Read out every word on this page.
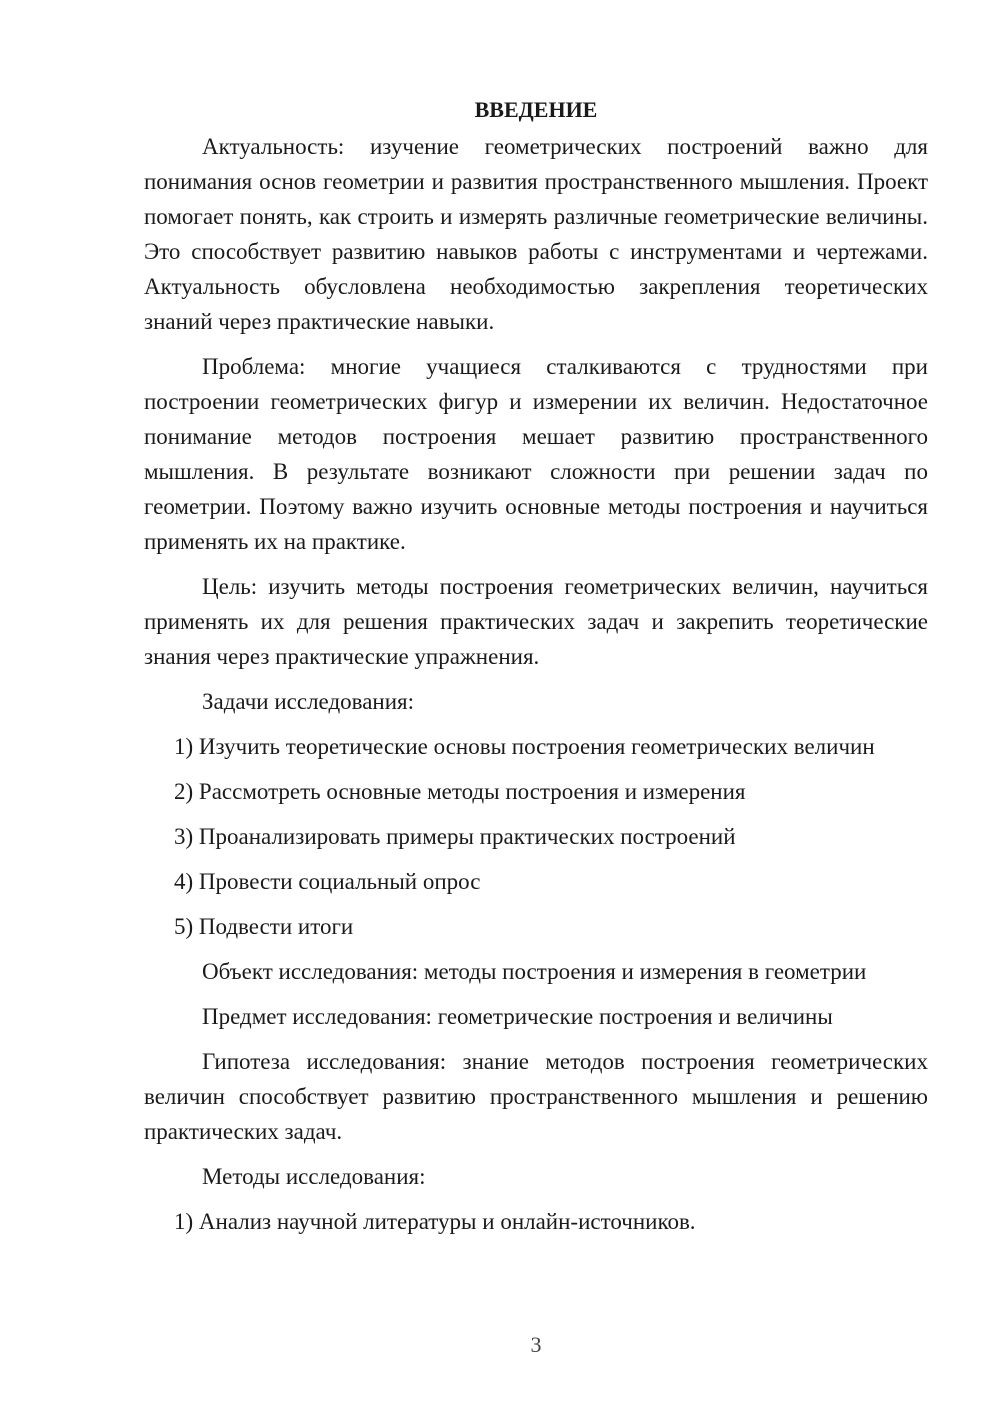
ВВЕДЕНИЕ

Актуальность: изучение геометрических построений важно для понимания основ геометрии и развития пространственного мышления. Проект помогает понять, как строить и измерять различные геометрические величины. Это способствует развитию навыков работы с инструментами и чертежами. Актуальность обусловлена необходимостью закрепления теоретических знаний через практические навыки.

Проблема: многие учащиеся сталкиваются с трудностями при построении геометрических фигур и измерении их величин. Недостаточное понимание методов построения мешает развитию пространственного мышления. В результате возникают сложности при решении задач по геометрии. Поэтому важно изучить основные методы построения и научиться применять их на практике.

Цель: изучить методы построения геометрических величин, научиться применять их для решения практических задач и закрепить теоретические знания через практические упражнения.

Задачи исследования:

1) Изучить теоретические основы построения геометрических величин
2) Рассмотреть основные методы построения и измерения
3) Проанализировать примеры практических построений
4) Провести социальный опрос
5) Подвести итоги

Объект исследования: методы построения и измерения в геометрии

Предмет исследования: геометрические построения и величины

Гипотеза исследования: знание методов построения геометрических величин способствует развитию пространственного мышления и решению практических задач.

Методы исследования:

1) Анализ научной литературы и онлайн-источников.
3
